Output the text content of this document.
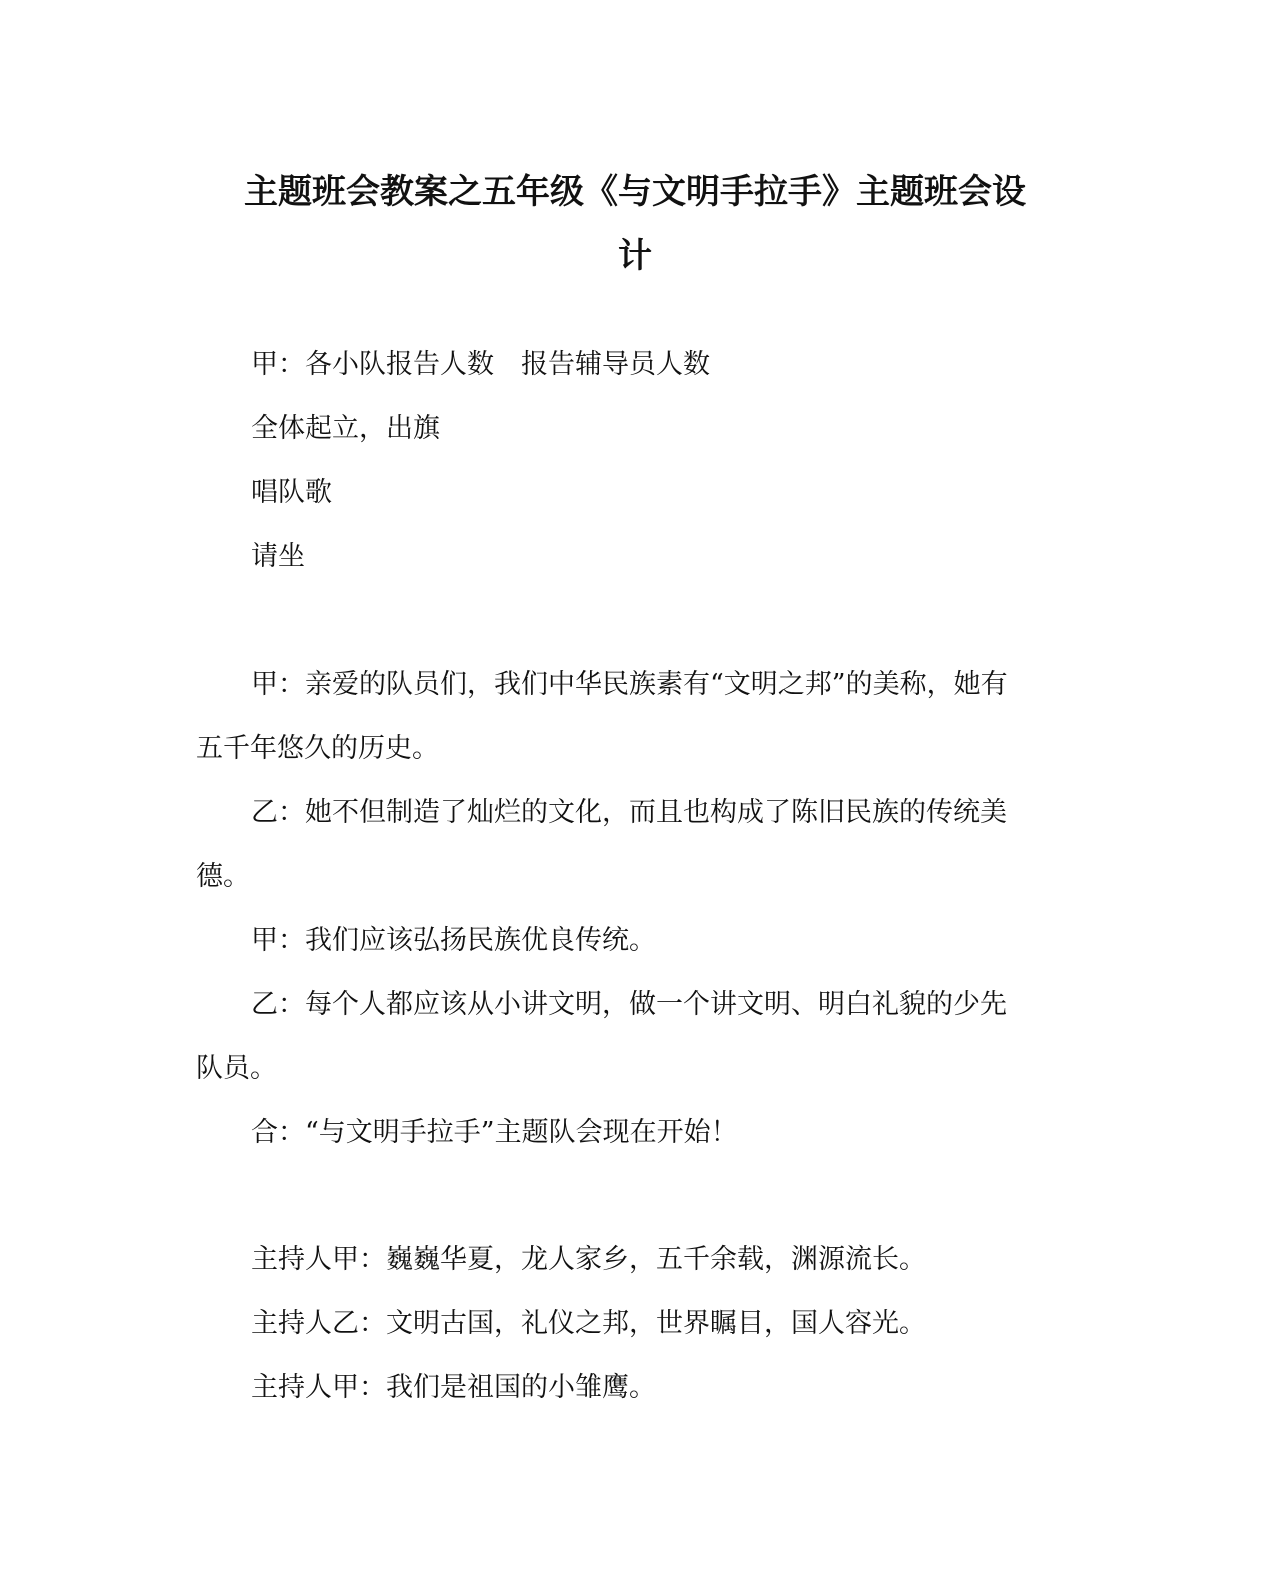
主题班会教案之五年级《与文明手拉手》主题班会设
计
甲：各小队报告人数　报告辅导员人数
全体起立，出旗
唱队歌
请坐
甲：亲爱的队员们，我们中华民族素有“文明之邦”的美称，她有
五千年悠久的历史。
乙：她不但制造了灿烂的文化，而且也构成了陈旧民族的传统美
德。
甲：我们应该弘扬民族优良传统。
乙：每个人都应该从小讲文明，做一个讲文明、明白礼貌的少先
队员。
合：“与文明手拉手”主题队会现在开始！
主持人甲：巍巍华夏，龙人家乡，五千余载，渊源流长。
主持人乙：文明古国，礼仪之邦，世界瞩目，国人容光。
主持人甲：我们是祖国的小雏鹰。
